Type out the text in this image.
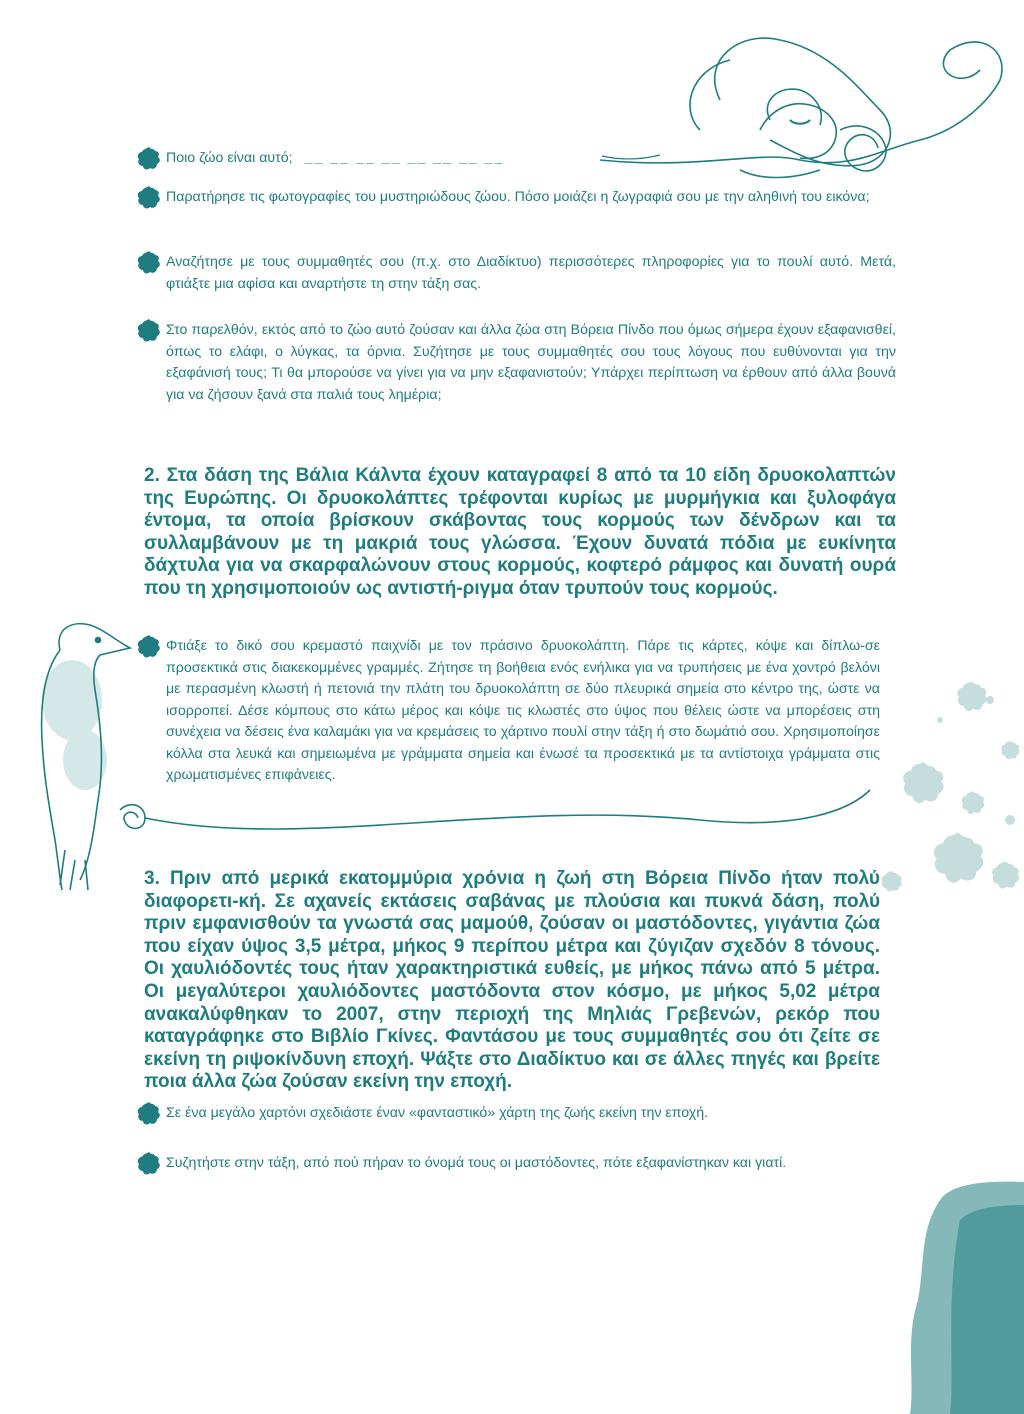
Ποιο ζώο είναι αυτό; __ __ __ __ __ __ __ __
Παρατήρησε τις φωτογραφίες του μυστηριώδους ζώου. Πόσο μοιάζει η ζωγραφιά σου με την αληθινή του εικόνα;
Αναζήτησε με τους συμμαθητές σου (π.χ. στο Διαδίκτυο) περισσότερες πληροφορίες για το πουλί αυτό. Μετά, φτιάξτε μια αφίσα και αναρτήστε τη στην τάξη σας.
Στο παρελθόν, εκτός από το ζώο αυτό ζούσαν και άλλα ζώα στη Βόρεια Πίνδο που όμως σήμερα έχουν εξαφανισθεί, όπως το ελάφι, ο λύγκας, τα όρνια. Συζήτησε με τους συμμαθητές σου τους λόγους που ευθύνονται για την εξαφάνισή τους; Τι θα μπορούσε να γίνει για να μην εξαφανιστούν; Υπάρχει περίπτωση να έρθουν από άλλα βουνά για να ζήσουν ξανά στα παλιά τους λημέρια;
2. Στα δάση της Βάλια Κάλντα έχουν καταγραφεί 8 από τα 10 είδη δρυοκολαπτών της Ευρώπης. Οι δρυοκολάπτες τρέφονται κυρίως με μυρμήγκια και ξυλοφάγα έντομα, τα οποία βρίσκουν σκάβοντας τους κορμούς των δένδρων και τα συλλαμβάνουν με τη μακριά τους γλώσσα. Έχουν δυνατά πόδια με ευκίνητα δάχτυλα για να σκαρφαλώνουν στους κορμούς, κοφτερό ράμφος και δυνατή ουρά που τη χρησιμοποιούν ως αντιστή-ριγμα όταν τρυπούν τους κορμούς.
Φτιάξε το δικό σου κρεμαστό παιχνίδι με τον πράσινο δρυοκολάπτη. Πάρε τις κάρτες, κόψε και δίπλω-σε προσεκτικά στις διακεκομμένες γραμμές. Ζήτησε τη βοήθεια ενός ενήλικα για να τρυπήσεις με ένα χοντρό βελόνι με περασμένη κλωστή ή πετονιά την πλάτη του δρυοκολάπτη σε δύο πλευρικά σημεία στο κέντρο της, ώστε να ισορροπεί. Δέσε κόμπους στο κάτω μέρος και κόψε τις κλωστές στο ύψος που θέλεις ώστε να μπορέσεις στη συνέχεια να δέσεις ένα καλαμάκι για να κρεμάσεις το χάρτινο πουλί στην τάξη ή στο δωμάτιό σου. Χρησιμοποίησε κόλλα στα λευκά και σημειωμένα με γράμματα σημεία και ένωσέ τα προσεκτικά με τα αντίστοιχα γράμματα στις χρωματισμένες επιφάνειες.
3. Πριν από μερικά εκατομμύρια χρόνια η ζωή στη Βόρεια Πίνδο ήταν πολύ διαφορετι-κή. Σε αχανείς εκτάσεις σαβάνας με πλούσια και πυκνά δάση, πολύ πριν εμφανισθούν τα γνωστά σας μαμούθ, ζούσαν οι μαστόδοντες, γιγάντια ζώα που είχαν ύψος 3,5 μέτρα, μήκος 9 περίπου μέτρα και ζύγιζαν σχεδόν 8 τόνους. Οι χαυλιόδοντές τους ήταν χαρακτηριστικά ευθείς, με μήκος πάνω από 5 μέτρα. Οι μεγαλύτεροι χαυλιόδοντες μαστόδοντα στον κόσμο, με μήκος 5,02 μέτρα ανακαλύφθηκαν το 2007, στην περιοχή της Μηλιάς Γρεβενών, ρεκόρ που καταγράφηκε στο Βιβλίο Γκίνες. Φαντάσου με τους συμμαθητές σου ότι ζείτε σε εκείνη τη ριψοκίνδυνη εποχή. Ψάξτε στο Διαδίκτυο και σε άλλες πηγές και βρείτε ποια άλλα ζώα ζούσαν εκείνη την εποχή.
Σε ένα μεγάλο χαρτόνι σχεδιάστε έναν «φανταστικό» χάρτη της ζωής εκείνη την εποχή.
Συζητήστε στην τάξη, από πού πήραν το όνομά τους οι μαστόδοντες, πότε εξαφανίστηκαν και γιατί.
